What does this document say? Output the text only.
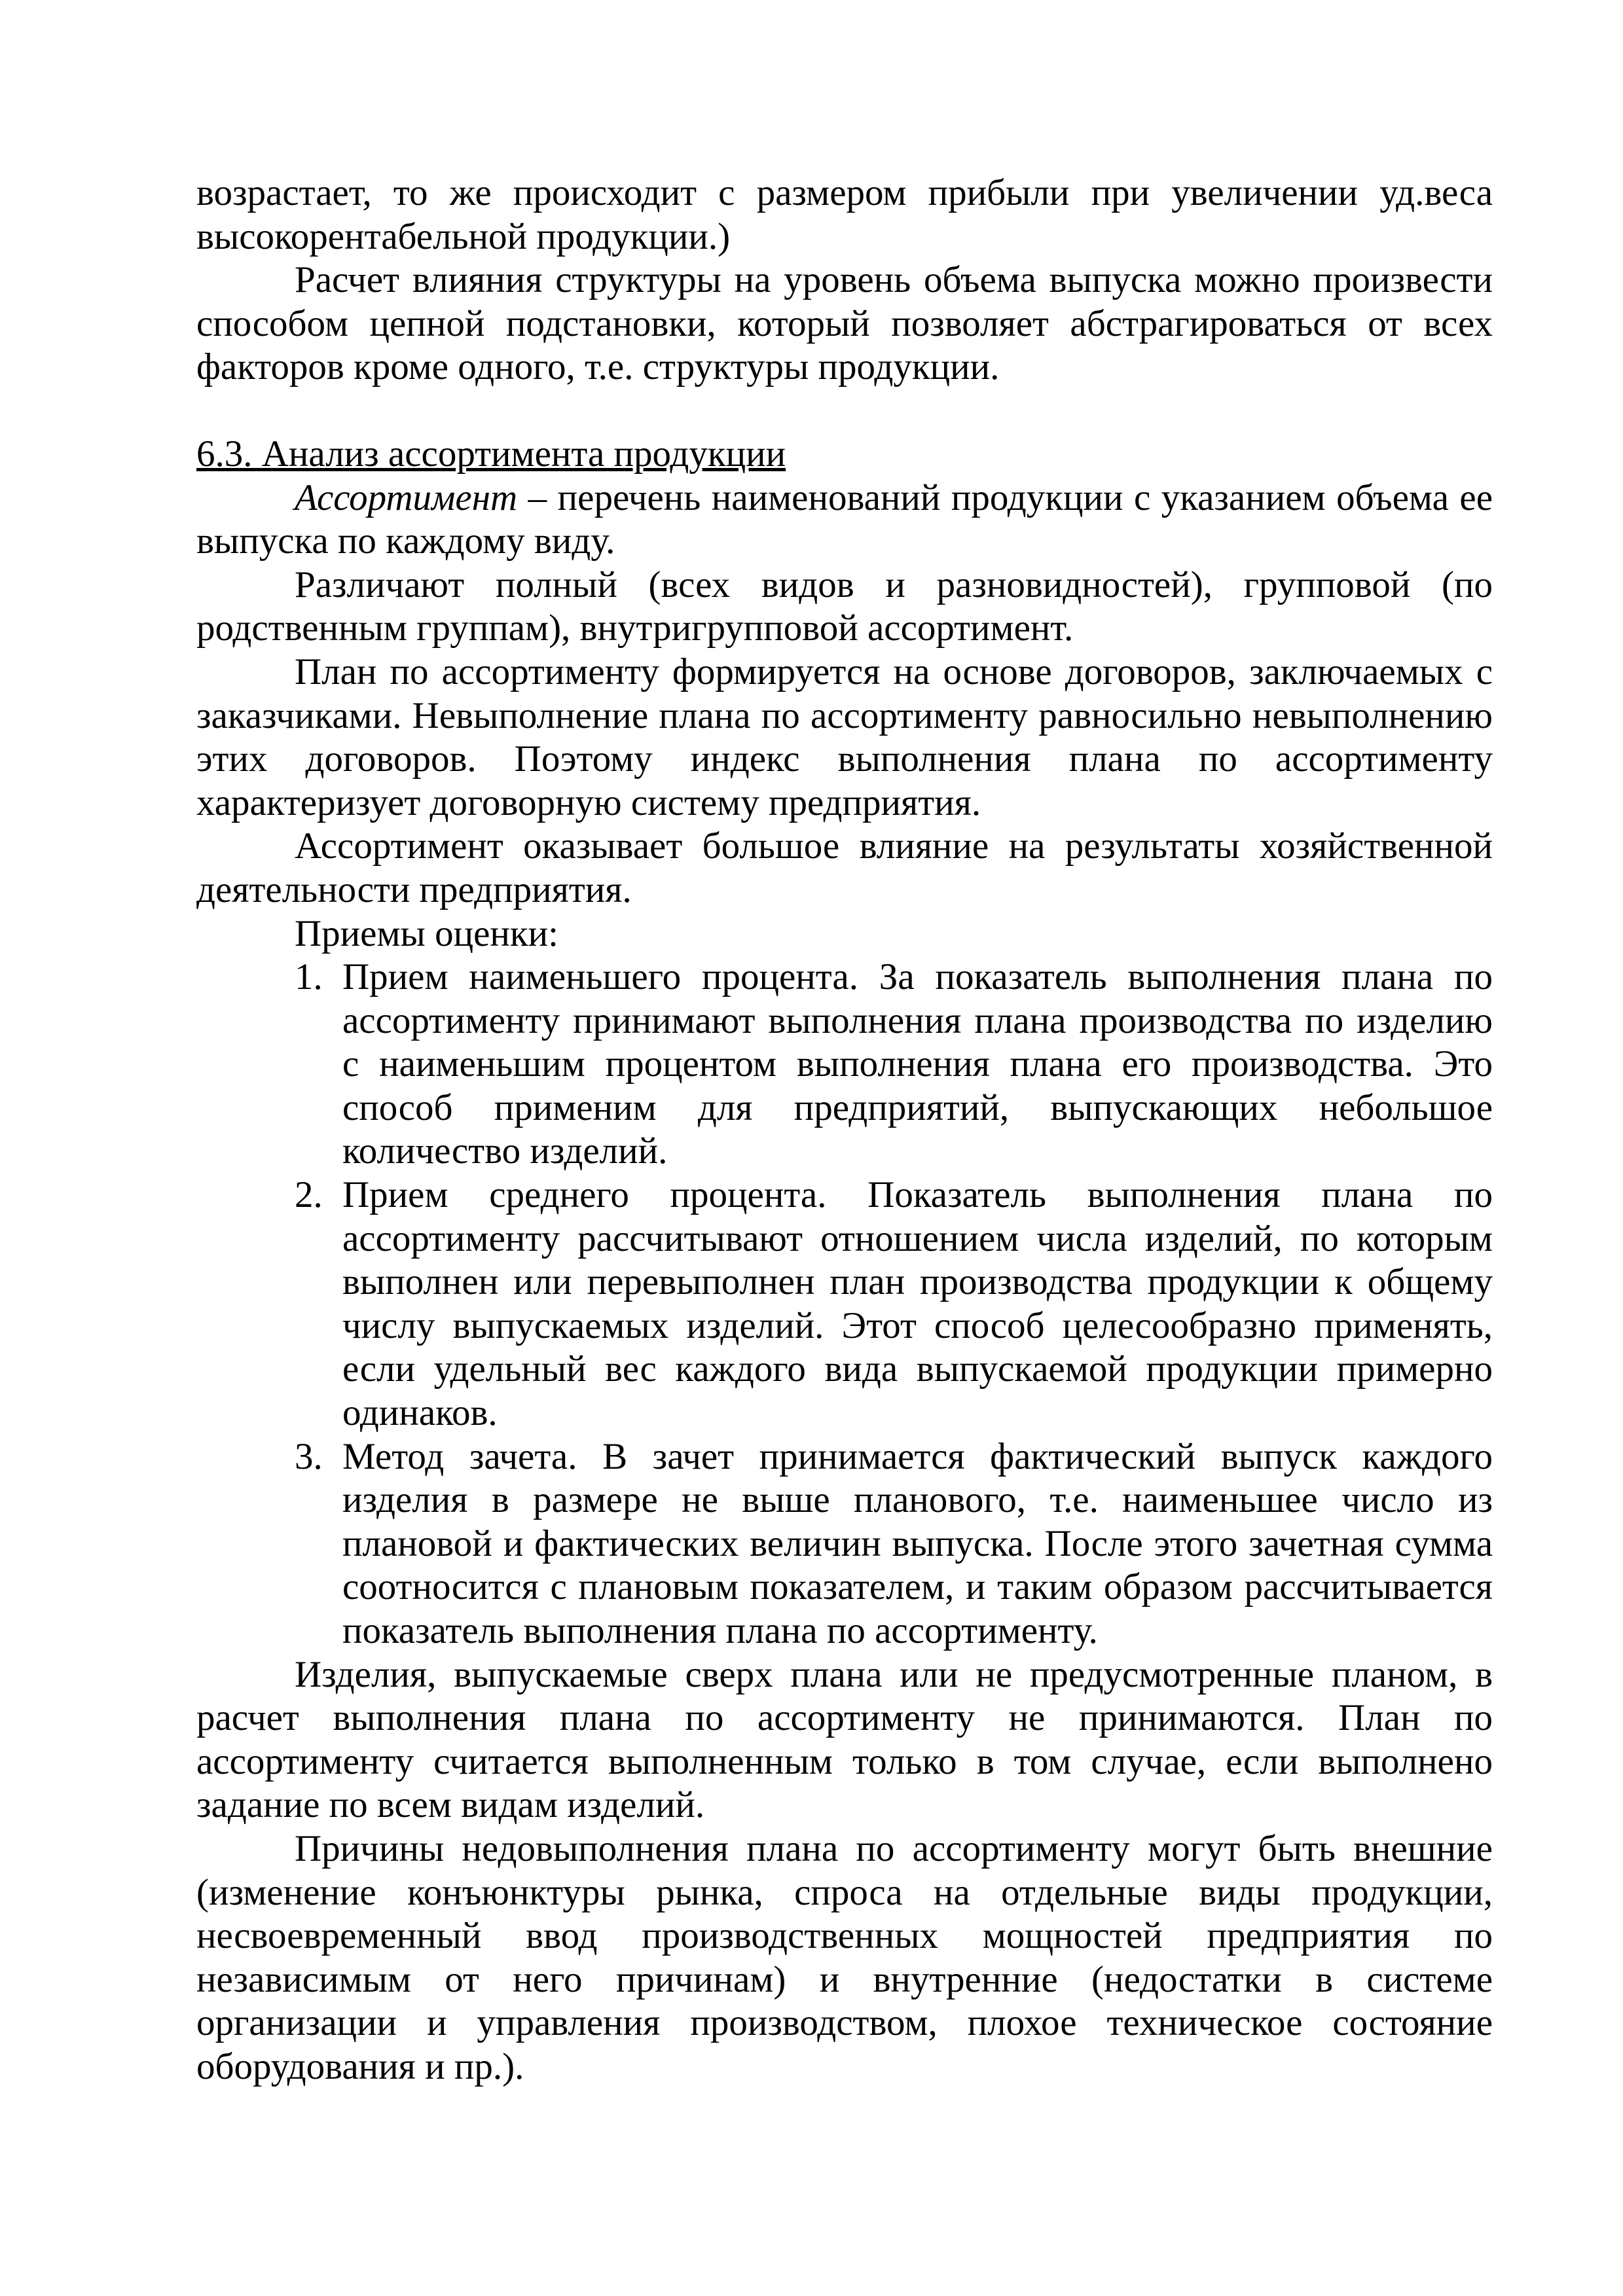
возрастает, то же происходит с размером прибыли при увеличении уд.веса высокорентабельной продукции.)

Расчет влияния структуры на уровень объема выпуска можно произвести способом цепной подстановки, который позволяет абстрагироваться от всех факторов кроме одного, т.е. структуры продукции.

6.3. Анализ ассортимента продукции

Ассортимент – перечень наименований продукции с указанием объема ее выпуска по каждому виду.

Различают полный (всех видов и разновидностей), групповой (по родственным группам), внутригрупповой ассортимент.

План по ассортименту формируется на основе договоров, заключаемых с заказчиками. Невыполнение плана по ассортименту равносильно невыполнению этих договоров. Поэтому индекс выполнения плана по ассортименту характеризует договорную систему предприятия.

Ассортимент оказывает большое влияние на результаты хозяйственной деятельности предприятия.

Приемы оценки:

1. Прием наименьшего процента. За показатель выполнения плана по ассортименту принимают выполнения плана производства по изделию с наименьшим процентом выполнения плана его производства. Это способ применим для предприятий, выпускающих небольшое количество изделий.
2. Прием среднего процента. Показатель выполнения плана по ассортименту рассчитывают отношением числа изделий, по которым выполнен или перевыполнен план производства продукции к общему числу выпускаемых изделий. Этот способ целесообразно применять, если удельный вес каждого вида выпускаемой продукции примерно одинаков.
3. Метод зачета. В зачет принимается фактический выпуск каждого изделия в размере не выше планового, т.е. наименьшее число из плановой и фактических величин выпуска. После этого зачетная сумма соотносится с плановым показателем, и таким образом рассчитывается показатель выполнения плана по ассортименту.

Изделия, выпускаемые сверх плана или не предусмотренные планом, в расчет выполнения плана по ассортименту не принимаются. План по ассортименту считается выполненным только в том случае, если выполнено задание по всем видам изделий.

Причины недовыполнения плана по ассортименту могут быть внешние (изменение конъюнктуры рынка, спроса на отдельные виды продукции, несвоевременный ввод производственных мощностей предприятия по независимым от него причинам) и внутренние (недостатки в системе организации и управления производством, плохое техническое состояние оборудования и пр.).
